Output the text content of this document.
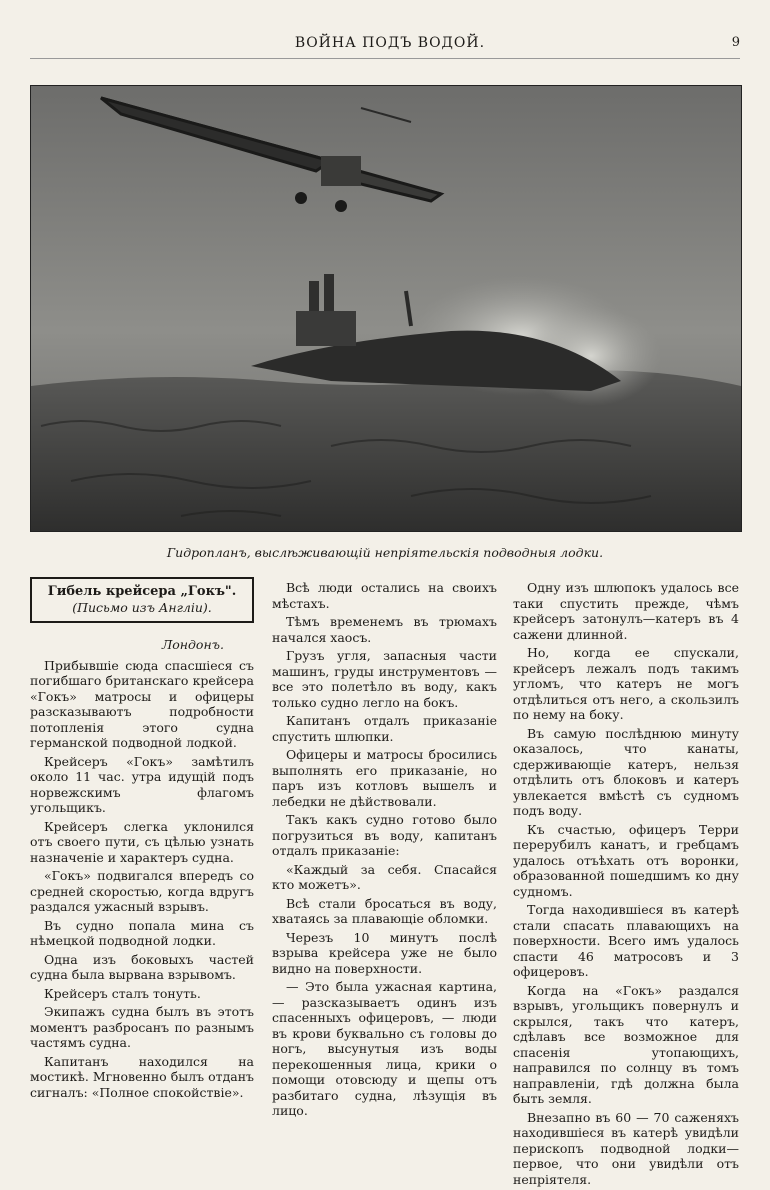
ВОЙНА ПОДЪ ВОДОЙ.	9
Гидропланъ, выслѣживающій непріятельскія подводныя лодки.
Гибель крейсера „Гокъ".
(Письмо изъ Англіи).

Лондонъ.

Прибывшіе сюда спасшіеся съ погибшаго британскаго крейсера «Гокъ» матросы и офицеры разсказываютъ подробности потопленія этого судна германской подводной лодкой.

Крейсеръ «Гокъ» замѣтилъ около 11 час. утра идущій подъ норвежскимъ флагомъ угольщикъ.

Крейсеръ слегка уклонился отъ своего пути, съ цѣлью узнать назначеніе и характеръ судна.

«Гокъ» подвигался впередъ со средней скоростью, когда вдругъ раздался ужасный взрывъ.

Въ судно попала мина съ нѣмецкой подводной лодки.

Одна изъ боковыхъ частей судна была вырвана взрывомъ.

Крейсеръ сталъ тонуть.

Экипажъ судна былъ въ этотъ моментъ разбросанъ по разнымъ частямъ судна.

Капитанъ находился на мостикѣ. Мгновенно былъ отданъ сигналъ: «Полное спокойствіе».

Всѣ люди остались на своихъ мѣстахъ.

Тѣмъ временемъ въ трюмахъ начался хаосъ.

Грузъ угля, запасныя части машинъ, груды инструментовъ — все это полетѣло въ воду, какъ только судно легло на бокъ.

Капитанъ отдалъ приказаніе спустить шлюпки.

Офицеры и матросы бросились выполнять его приказаніе, но паръ изъ котловъ вышелъ и лебедки не дѣйствовали.

Такъ какъ судно готово было погрузиться въ воду, капитанъ отдалъ приказаніе:

«Каждый за себя. Спасайся кто можетъ».

Всѣ стали бросаться въ воду, хватаясь за плавающіе обломки.

Черезъ 10 минутъ послѣ взрыва крейсера уже не было видно на поверхности.

— Это была ужасная картина,— разсказываетъ одинъ изъ спасенныхъ офицеровъ, — люди въ крови буквально съ головы до ногъ, высунутыя изъ воды перекошенныя лица, крики о помощи отовсюду и щепы отъ разбитаго судна, лѣзущія въ лицо.

Одну изъ шлюпокъ удалось все таки спустить прежде, чѣмъ крейсеръ затонулъ—катеръ въ 4 сажени длинной.

Но, когда ее спускали, крейсеръ лежалъ подъ такимъ угломъ, что катеръ не могъ отдѣлиться отъ него, а скользилъ по нему на боку.

Въ самую послѣднюю минуту оказалось, что канаты, сдерживающіе катеръ, нельзя отдѣлить отъ блоковъ и катеръ увлекается вмѣстѣ съ судномъ подъ воду.

Къ счастью, офицеръ Терри перерубилъ канатъ, и гребцамъ удалось отъѣхать отъ воронки, образованной пошедшимъ ко дну судномъ.

Тогда находившіеся въ катерѣ стали спасать плавающихъ на поверхности. Всего имъ удалось спасти 46 матросовъ и 3 офицеровъ.

Когда на «Гокъ» раздался взрывъ, угольщикъ повернулъ и скрылся, такъ что катеръ, сдѣлавъ все возможное для спасенія утопающихъ, направился по солнцу въ томъ направленіи, гдѣ должна была быть земля.

Внезапно въ 60 — 70 саженяхъ находившіеся въ катерѣ увидѣли перископъ подводной лодки—первое, что они увидѣли отъ непріятеля.
